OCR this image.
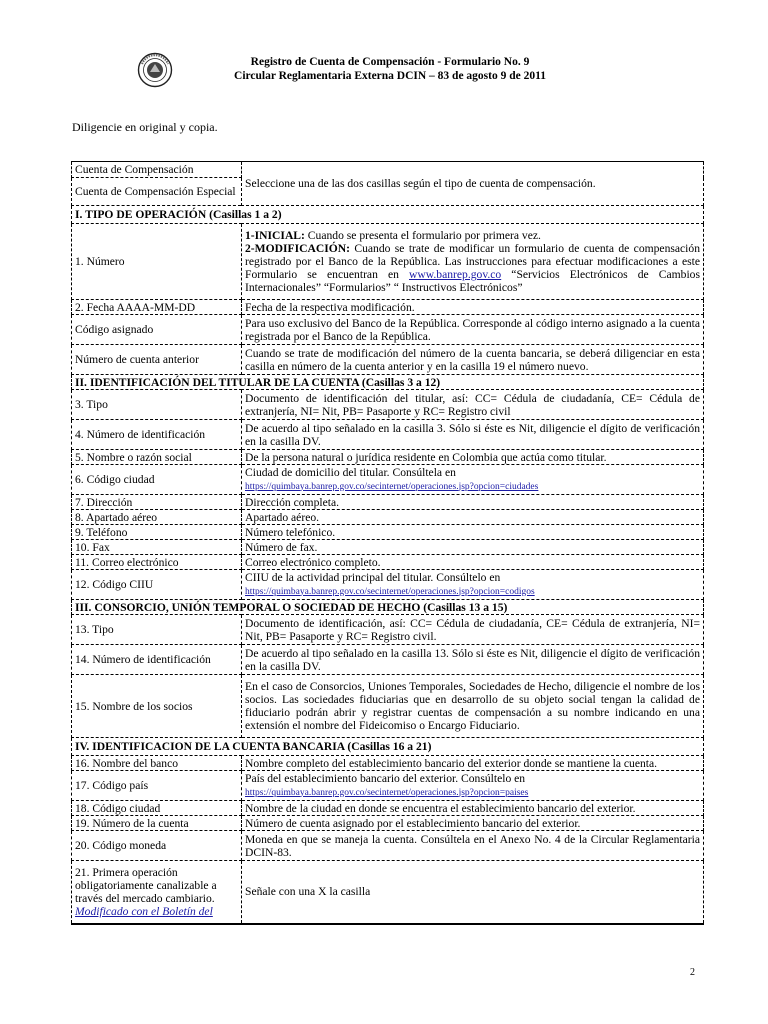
Registro de Cuenta de Compensación - Formulario No. 9
Circular Reglamentaria Externa DCIN – 83 de agosto 9 de 2011
Diligencie en original y copia.
Cuenta de Compensación	Seleccione una de las dos casillas según el tipo de cuenta de compensación.
Cuenta de Compensación Especial	
I. TIPO DE OPERACIÓN (Casillas 1 a 2)	
1. Número	1-INICIAL: Cuando se presenta el formulario por primera vez.
2-MODIFICACIÓN: Cuando se trate de modificar un formulario de cuenta de compensación registrado por el Banco de la República. Las instrucciones para efectuar modificaciones a este Formulario se encuentran en www.banrep.gov.co “Servicios Electrónicos de Cambios Internacionales” “Formularios” “ Instructivos Electrónicos”
2. Fecha AAAA-MM-DD	Fecha de la respectiva modificación.
Código asignado	Para uso exclusivo del Banco de la República. Corresponde al código interno asignado a la cuenta registrada por el Banco de la República.
Número de cuenta anterior	Cuando se trate de modificación del número de la cuenta bancaria, se deberá diligenciar en esta casilla en número de la cuenta anterior y en la casilla 19 el número nuevo.
II. IDENTIFICACIÓN DEL TITULAR DE LA CUENTA (Casillas 3 a 12)	
3. Tipo	Documento de identificación del titular, así: CC= Cédula de ciudadanía, CE= Cédula de extranjería, NI= Nit, PB= Pasaporte y RC= Registro civil
4. Número de identificación	De acuerdo al tipo señalado en la casilla 3. Sólo si éste es Nit, diligencie el dígito de verificación en la casilla DV.
5. Nombre o razón social	De la persona natural o jurídica residente en Colombia que actúa como titular.
6. Código ciudad	Ciudad de domicilio del titular. Consúltela en
https://quimbaya.banrep.gov.co/secinternet/operaciones.jsp?opcion=ciudades
7. Dirección	Dirección completa.
8. Apartado aéreo	Apartado aéreo.
9. Teléfono	Número telefónico.
10. Fax	Número de fax.
11. Correo electrónico	Correo electrónico completo.
12. Código CIIU	CIIU de la actividad principal del titular. Consúltelo en
https://quimbaya.banrep.gov.co/secinternet/operaciones.jsp?opcion=codigos
III. CONSORCIO, UNIÓN TEMPORAL O SOCIEDAD DE HECHO (Casillas 13 a 15)	
13. Tipo	Documento de identificación, así: CC= Cédula de ciudadanía, CE= Cédula de extranjería, NI= Nit, PB= Pasaporte y RC= Registro civil.
14. Número de identificación	De acuerdo al tipo señalado en la casilla 13. Sólo si éste es Nit, diligencie el dígito de verificación en la casilla DV.
15. Nombre de los socios	En el caso de Consorcios, Uniones Temporales, Sociedades de Hecho, diligencie el nombre de los socios. Las sociedades fiduciarias que en desarrollo de su objeto social tengan la calidad de fiduciario podrán abrir y registrar cuentas de compensación a su nombre indicando en una extensión el nombre del Fideicomiso o Encargo Fiduciario.
IV. IDENTIFICACION DE LA CUENTA BANCARIA (Casillas 16 a 21)	
16. Nombre del banco	Nombre completo del establecimiento bancario del exterior donde se mantiene la cuenta.
17. Código país	País del establecimiento bancario del exterior. Consúltelo en
https://quimbaya.banrep.gov.co/secinternet/operaciones.jsp?opcion=paises
18. Código ciudad	Nombre de la ciudad en donde se encuentra el establecimiento bancario del exterior.
19. Número de la cuenta	Número de cuenta asignado por el establecimiento bancario del exterior.
20. Código moneda	Moneda en que se maneja la cuenta. Consúltela en el Anexo No. 4 de la Circular Reglamentaria DCIN-83.
21. Primera operación obligatoriamente canalizable a través del mercado cambiario. Modificado con el Boletín del	Señale con una X la casilla
2
